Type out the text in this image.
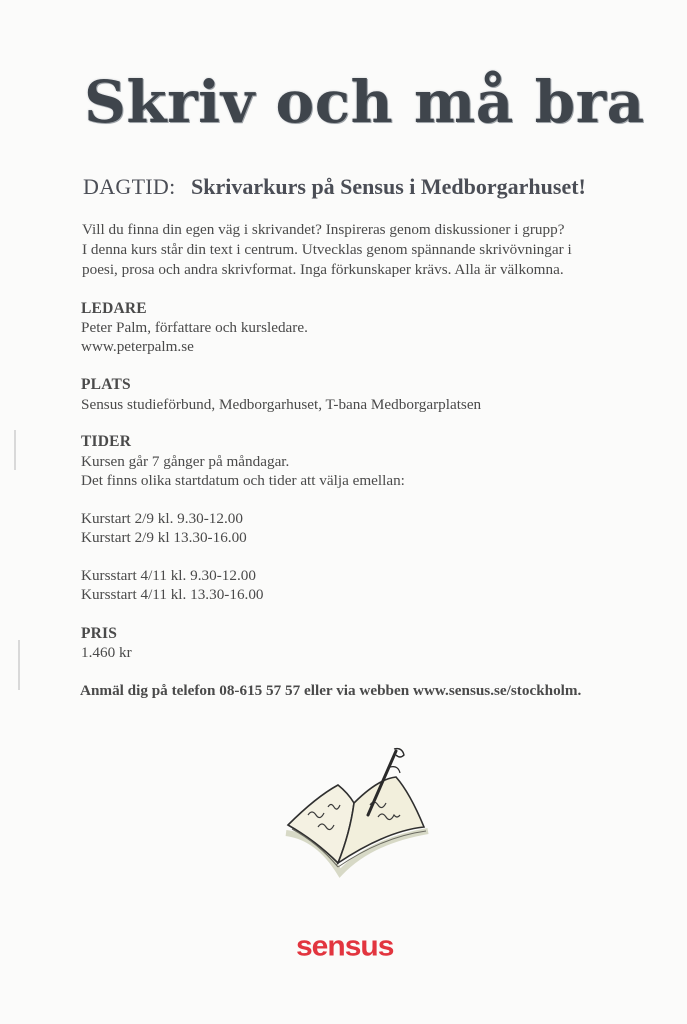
Skriv och må bra
DAGTID: Skrivarkurs på Sensus i Medborgarhuset!
Vill du finna din egen väg i skrivandet? Inspireras genom diskussioner i grupp?
I denna kurs står din text i centrum. Utvecklas genom spännande skrivövningar i
poesi, prosa och andra skrivformat. Inga förkunskaper krävs. Alla är välkomna.
LEDARE
Peter Palm, författare och kursledare.
www.peterpalm.se
PLATS
Sensus studieförbund, Medborgarhuset, T-bana Medborgarplatsen
TIDER
Kursen går 7 gånger på måndagar.
Det finns olika startdatum och tider att välja emellan:
Kurstart 2/9 kl. 9.30-12.00
Kurstart 2/9 kl 13.30-16.00
Kursstart 4/11 kl. 9.30-12.00
Kursstart 4/11 kl. 13.30-16.00
PRIS
1.460 kr
Anmäl dig på telefon 08-615 57 57 eller via webben www.sensus.se/stockholm.
sensus
